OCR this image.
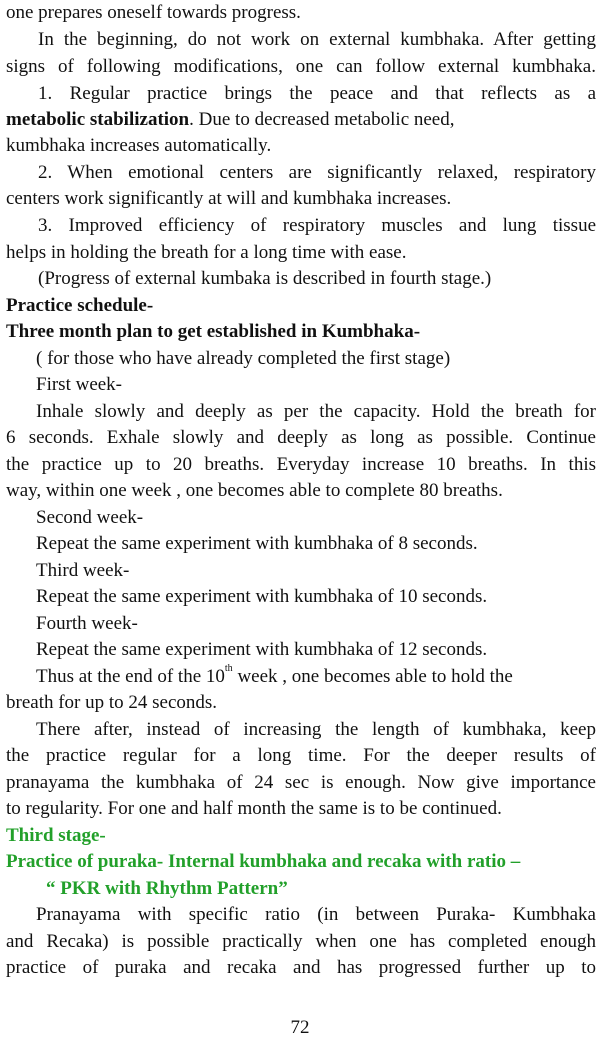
one prepares oneself towards progress.
In the beginning, do not work on external kumbhaka. After getting
signs of following modifications, one can follow external kumbhaka.
1. Regular practice brings the peace and that reflects as a
metabolic stabilization. Due to decreased metabolic need,
kumbhaka increases automatically.
2. When emotional centers are significantly relaxed, respiratory
centers work significantly at will and kumbhaka increases.
3. Improved efficiency of respiratory muscles and lung tissue
helps in holding the breath for a long time with ease.
(Progress of external kumbaka is described in fourth stage.)
Practice schedule-
Three month plan to get established in Kumbhaka-
( for those who have already completed the first stage)
First week-
Inhale slowly and deeply as per the capacity. Hold the breath for
6 seconds. Exhale slowly and deeply as long as possible. Continue
the practice up to 20 breaths. Everyday increase 10 breaths. In this
way, within one week , one becomes able to complete 80 breaths.
Second week-
Repeat the same experiment with kumbhaka of 8 seconds.
Third week-
Repeat the same experiment with kumbhaka of 10 seconds.
Fourth week-
Repeat the same experiment with kumbhaka of 12 seconds.
Thus at the end of the 10th week , one becomes able to hold the
breath for up to 24 seconds.
There after, instead of increasing the length of kumbhaka, keep
the practice regular for a long time. For the deeper results of
pranayama the kumbhaka of 24 sec is enough. Now give importance
to regularity. For one and half month the same is to be continued.
Third stage-
Practice of puraka- Internal kumbhaka and recaka with ratio –
“ PKR with Rhythm Pattern”
Pranayama with specific ratio (in between Puraka- Kumbhaka
and Recaka) is possible practically when one has completed enough
practice of puraka and recaka and has progressed further up to
72
